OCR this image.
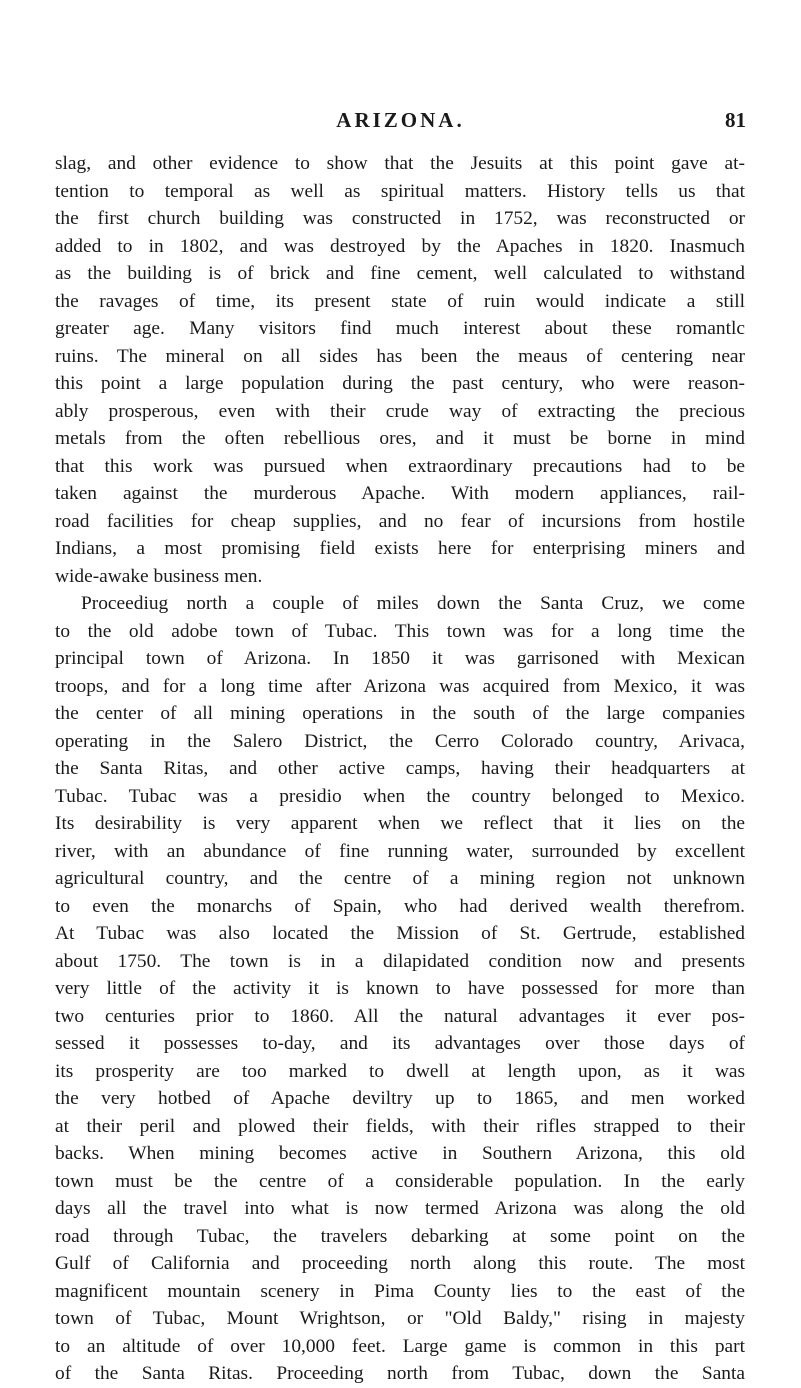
ARIZONA.	81
slag, and other evidence to show that the Jesuits at this point gave at-
tention to temporal as well as spiritual matters. History tells us that
the first church building was constructed in 1752, was reconstructed or
added to in 1802, and was destroyed by the Apaches in 1820. Inasmuch
as the building is of brick and fine cement, well calculated to withstand
the ravages of time, its present state of ruin would indicate a still
greater age. Many visitors find much interest about these romantlc
ruins. The mineral on all sides has been the meaus of centering near
this point a large population during the past century, who were reason-
ably prosperous, even with their crude way of extracting the precious
metals from the often rebellious ores, and it must be borne in mind
that this work was pursued when extraordinary precautions had to be
taken against the murderous Apache. With modern appliances, rail-
road facilities for cheap supplies, and no fear of incursions from hostile
Indians, a most promising field exists here for enterprising miners and
wide-awake business men.
Proceediug north a couple of miles down the Santa Cruz, we come
to the old adobe town of Tubac. This town was for a long time the
principal town of Arizona. In 1850 it was garrisoned with Mexican
troops, and for a long time after Arizona was acquired from Mexico, it was
the center of all mining operations in the south of the large companies
operating in the Salero District, the Cerro Colorado country, Arivaca,
the Santa Ritas, and other active camps, having their headquarters at
Tubac. Tubac was a presidio when the country belonged to Mexico.
Its desirability is very apparent when we reflect that it lies on the
river, with an abundance of fine running water, surrounded by excellent
agricultural country, and the centre of a mining region not unknown
to even the monarchs of Spain, who had derived wealth therefrom.
At Tubac was also located the Mission of St. Gertrude, established
about 1750. The town is in a dilapidated condition now and presents
very little of the activity it is known to have possessed for more than
two centuries prior to 1860. All the natural advantages it ever pos-
sessed it possesses to-day, and its advantages over those days of
its prosperity are too marked to dwell at length upon, as it was
the very hotbed of Apache deviltry up to 1865, and men worked
at their peril and plowed their fields, with their rifles strapped to their
backs. When mining becomes active in Southern Arizona, this old
town must be the centre of a considerable population. In the early
days all the travel into what is now termed Arizona was along the old
road through Tubac, the travelers debarking at some point on the
Gulf of California and proceeding north along this route. The most
magnificent mountain scenery in Pima County lies to the east of the
town of Tubac, Mount Wrightson, or "Old Baldy," rising in majesty
to an altitude of over 10,000 feet. Large game is common in this part
of the Santa Ritas. Proceeding north from Tubac, down the Santa
